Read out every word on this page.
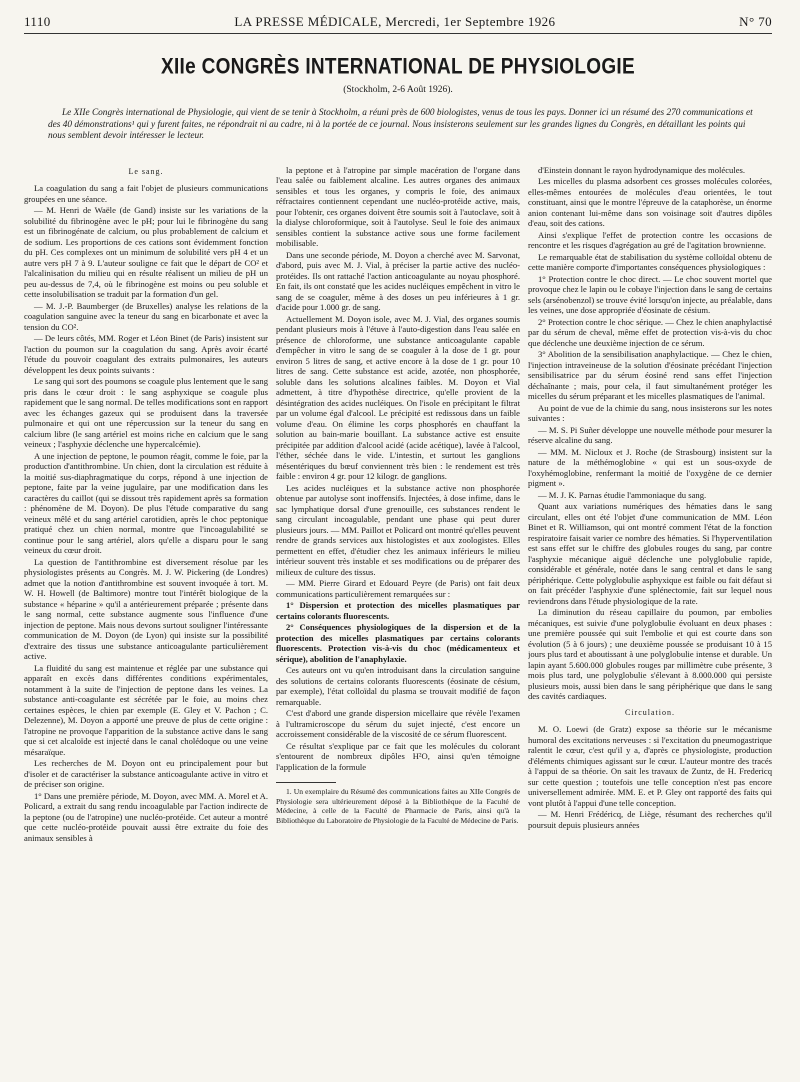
1110	LA PRESSE MÉDICALE, Mercredi, 1er Septembre 1926	N° 70
XIIe CONGRÈS INTERNATIONAL DE PHYSIOLOGIE
(Stockholm, 2-6 Août 1926).

Le XIIe Congrès international de Physiologie, qui vient de se tenir à Stockholm, a réuni près de 600 biologistes, venus de tous les pays. Donner ici un résumé des 270 communications et des 40 démonstrations¹ qui y furent faites, ne répondrait ni au cadre, ni à la portée de ce journal. Nous insisterons seulement sur les grandes lignes du Congrès, en détaillant les points qui nous semblent devoir intéresser le lecteur.

Le sang.

La coagulation du sang a fait l'objet de plusieurs communications groupées en une séance.

— M. Henri de Waële (de Gand) insiste sur les variations de la solubilité du fibrinogène avec le pH; pour lui le fibrinogène du sang est un fibrinogénate de calcium, ou plus probablement de calcium et de sodium. Les proportions de ces cations sont évidemment fonction du pH. Ces complexes ont un minimum de solubilité vers pH 4 et un autre vers pH 7 à 9. L'auteur souligne ce fait que le départ de CO² et l'alcalinisation du milieu qui en résulte réalisent un milieu de pH un peu au-dessus de 7,4, où le fibrinogène est moins ou peu soluble et cette insolubilisation se traduit par la formation d'un gel.

— M. J.-P. Baumberger (de Bruxelles) analyse les relations de la coagulation sanguine avec la teneur du sang en bicarbonate et avec la tension du CO².

— De leurs côtés, MM. Roger et Léon Binet (de Paris) insistent sur l'action du poumon sur la coagulation du sang. Après avoir écarté l'étude du pouvoir coagulant des extraits pulmonaires, les auteurs développent les deux points suivants :

Le sang qui sort des poumons se coagule plus lentement que le sang pris dans le cœur droit : le sang asphyxique se coagule plus rapidement que le sang normal. De telles modifications sont en rapport avec les échanges gazeux qui se produisent dans la traversée pulmonaire et qui ont une répercussion sur la teneur du sang en calcium libre (le sang artériel est moins riche en calcium que le sang veineux ; l'asphyxie déclenche une hypercalcémie).

A une injection de peptone, le poumon réagit, comme le foie, par la production d'antithrombine. Un chien, dont la circulation est réduite à la moitié sus-diaphragmatique du corps, répond à une injection de peptone, faite par la veine jugulaire, par une modification dans les caractères du caillot (qui se dissout très rapidement après sa formation : phénomène de M. Doyon). De plus l'étude comparative du sang veineux mêlé et du sang artériel carotidien, après le choc peptonique pratiqué chez un chien normal, montre que l'incoagulabilité se continue pour le sang artériel, alors qu'elle a disparu pour le sang veineux du cœur droit.

La question de l'antithrombine est diversement résolue par les physiologistes présents au Congrès. M. J. W. Pickering (de Londres) admet que la notion d'antithrombine est souvent invoquée à tort. M. W. H. Howell (de Baltimore) montre tout l'intérêt biologique de la substance « héparine » qu'il a antérieurement préparée ; présente dans le sang normal, cette substance augmente sous l'influence d'une injection de peptone. Mais nous devons surtout souligner l'intéressante communication de M. Doyon (de Lyon) qui insiste sur la possibilité d'extraire des tissus une substance anticoagulante particulièrement active.

La fluidité du sang est maintenue et réglée par une substance qui apparaît en excès dans différentes conditions expérimentales, notamment à la suite de l'injection de peptone dans les veines. La substance anti-coagulante est sécrétée par le foie, au moins chez certaines espèces, le chien par exemple (E. Gley et V. Pachon ; C. Delezenne), M. Doyon a apporté une preuve de plus de cette origine : l'atropine ne provoque l'apparition de la substance active dans le sang que si cet alcaloïde est injecté dans le canal cholédoque ou une veine mésaraïque.

Les recherches de M. Doyon ont eu principalement pour but d'isoler et de caractériser la substance anticoagulante active in vitro et de préciser son origine.

1° Dans une première période, M. Doyon, avec MM. A. Morel et A. Policard, a extrait du sang rendu incoagulable par l'action indirecte de la peptone (ou de l'atropine) une nucléo-protéide. Cet auteur a montré que cette nucléo-protéide pouvait aussi être extraite du foie des animaux sensibles à

la peptone et à l'atropine par simple macération de l'organe dans l'eau salée ou faiblement alcaline. Les autres organes des animaux sensibles et tous les organes, y compris le foie, des animaux réfractaires contiennent cependant une nucléo-protéide active, mais, pour l'obtenir, ces organes doivent être soumis soit à l'autoclave, soit à la dialyse chloroformique, soit à l'autolyse. Seul le foie des animaux sensibles contient la substance active sous une forme facilement mobilisable.

Dans une seconde période, M. Doyon a cherché avec M. Sarvonat, d'abord, puis avec M. J. Vial, à préciser la partie active des nucléo-protéides. Ils ont rattaché l'action anticoagulante au noyau phosphoré. En fait, ils ont constaté que les acides nucléiques empêchent in vitro le sang de se coaguler, même à des doses un peu inférieures à 1 gr. d'acide pour 1.000 gr. de sang.

Actuellement M. Doyon isole, avec M. J. Vial, des organes soumis pendant plusieurs mois à l'étuve à l'auto-digestion dans l'eau salée en présence de chloroforme, une substance anticoagulante capable d'empêcher in vitro le sang de se coaguler à la dose de 1 gr. pour environ 5 litres de sang, et active encore à la dose de 1 gr. pour 10 litres de sang. Cette substance est acide, azotée, non phosphorée, soluble dans les solutions alcalines faibles. M. Doyon et Vial admettent, à titre d'hypothèse directrice, qu'elle provient de la désintégration des acides nucléiques. On l'isole en précipitant le filtrat par un volume égal d'alcool. Le précipité est redissous dans un faible volume d'eau. On élimine les corps phosphorés en chauffant la solution au bain-marie bouillant. La substance active est ensuite précipitée par addition d'alcool acidé (acide acétique), lavée à l'alcool, l'éther, séchée dans le vide. L'intestin, et surtout les ganglions mésentériques du bœuf conviennent très bien : le rendement est très faible : environ 4 gr. pour 12 kilogr. de ganglions.

Les acides nucléiques et la substance active non phosphorée obtenue par autolyse sont inoffensifs. Injectées, à dose infime, dans le sac lymphatique dorsal d'une grenouille, ces substances rendent le sang circulant incoagulable, pendant une phase qui peut durer plusieurs jours. — MM. Paillot et Policard ont montré qu'elles peuvent rendre de grands services aux histologistes et aux zoologistes. Elles permettent en effet, d'étudier chez les animaux inférieurs le milieu intérieur souvent très instable et ses modifications ou de préparer des milieux de culture des tissus.

— MM. Pierre Girard et Edouard Peyre (de Paris) ont fait deux communications particulièrement remarquées sur :

1° Dispersion et protection des micelles plasmatiques par certains colorants fluorescents.

2° Conséquences physiologiques de la dispersion et de la protection des micelles plasmatiques par certains colorants fluorescents. Protection vis-à-vis du choc (médicamenteux et sérique), abolition de l'anaphylaxie.

Ces auteurs ont vu qu'en introduisant dans la circulation sanguine des solutions de certains colorants fluorescents (éosinate de césium, par exemple), l'état colloïdal du plasma se trouvait modifié de façon remarquable.

C'est d'abord une grande dispersion micellaire que révèle l'examen à l'ultramicroscope du sérum du sujet injecté, c'est encore un accroissement considérable de la viscosité de ce sérum fluorescent.

Ce résultat s'explique par ce fait que les molécules du colorant s'entourent de nombreux dipôles H²O, ainsi qu'en témoigne l'application de la formule

1. Un exemplaire du Résumé des communications faites au XIIe Congrès de Physiologie sera ultérieurement déposé à la Bibliothèque de la Faculté de Médecine, à celle de la Faculté de Pharmacie de Paris, ainsi qu'à la Bibliothèque du Laboratoire de Physiologie de la Faculté de Médecine de Paris.

d'Einstein donnant le rayon hydrodynamique des molécules.

Les micelles du plasma adsorbent ces grosses molécules colorées, elles-mêmes entourées de molécules d'eau orientées, le tout constituant, ainsi que le montre l'épreuve de la cataphorèse, un énorme anion contenant lui-même dans son voisinage soit d'autres dipôles d'eau, soit des cations.

Ainsi s'explique l'effet de protection contre les occasions de rencontre et les risques d'agrégation au gré de l'agitation brownienne.

Le remarquable état de stabilisation du système colloïdal obtenu de cette manière comporte d'importantes conséquences physiologiques :

1° Protection contre le choc direct. — Le choc souvent mortel que provoque chez le lapin ou le cobaye l'injection dans le sang de certains sels (arsénobenzol) se trouve évité lorsqu'on injecte, au préalable, dans les veines, une dose appropriée d'éosinate de césium.

2° Protection contre le choc sérique. — Chez le chien anaphylactisé par du sérum de cheval, même effet de protection vis-à-vis du choc que déclenche une deuxième injection de ce sérum.

3° Abolition de la sensibilisation anaphylactique. — Chez le chien, l'injection intraveineuse de la solution d'éosinate précédant l'injection sensibilisatrice par du sérum éosiné rend sans effet l'injection déchaînante ; mais, pour cela, il faut simultanément protéger les micelles du sérum préparant et les micelles plasmatiques de l'animal.

Au point de vue de la chimie du sang, nous insisterons sur les notes suivantes :

— M. S. Pi Suñer développe une nouvelle méthode pour mesurer la réserve alcaline du sang.

— MM. M. Nicloux et J. Roche (de Strasbourg) insistent sur la nature de la méthémoglobine « qui est un sous-oxyde de l'oxyhémoglobine, renfermant la moitié de l'oxygène de ce dernier pigment ».

— M. J. K. Parnas étudie l'ammoniaque du sang.

Quant aux variations numériques des hématies dans le sang circulant, elles ont été l'objet d'une communication de MM. Léon Binet et R. Williamson, qui ont montré comment l'état de la fonction respiratoire faisait varier ce nombre des hématies. Si l'hyperventilation est sans effet sur le chiffre des globules rouges du sang, par contre l'asphyxie mécanique aiguë déclenche une polyglobulie rapide, considérable et générale, notée dans le sang central et dans le sang périphérique. Cette polyglobulie asphyxique est faible ou fait défaut si on fait précéder l'asphyxie d'une splénectomie, fait sur lequel nous reviendrons dans l'étude physiologique de la rate.

La diminution du réseau capillaire du poumon, par embolies mécaniques, est suivie d'une polyglobulie évoluant en deux phases : une première poussée qui suit l'embolie et qui est courte dans son évolution (5 à 6 jours) ; une deuxième poussée se produisant 10 à 15 jours plus tard et aboutissant à une polyglobulie intense et durable. Un lapin ayant 5.600.000 globules rouges par millimètre cube présente, 3 mois plus tard, une polyglobulie s'élevant à 8.000.000 qui persiste plusieurs mois, aussi bien dans le sang périphérique que dans le sang des cavités cardiaques.

Circulation.

M. O. Loewi (de Gratz) expose sa théorie sur le mécanisme humoral des excitations nerveuses : si l'excitation du pneumogastrique ralentit le cœur, c'est qu'il y a, d'après ce physiologiste, production d'éléments chimiques agissant sur le cœur. L'auteur montre des tracés à l'appui de sa théorie. On sait les travaux de Zuntz, de H. Fredericq sur cette question ; toutefois une telle conception n'est pas encore universellement admirée. MM. E. et P. Gley ont rapporté des faits qui vont plutôt à l'appui d'une telle conception.

— M. Henri Frédéricq, de Liège, résumant des recherches qu'il poursuit depuis plusieurs années
